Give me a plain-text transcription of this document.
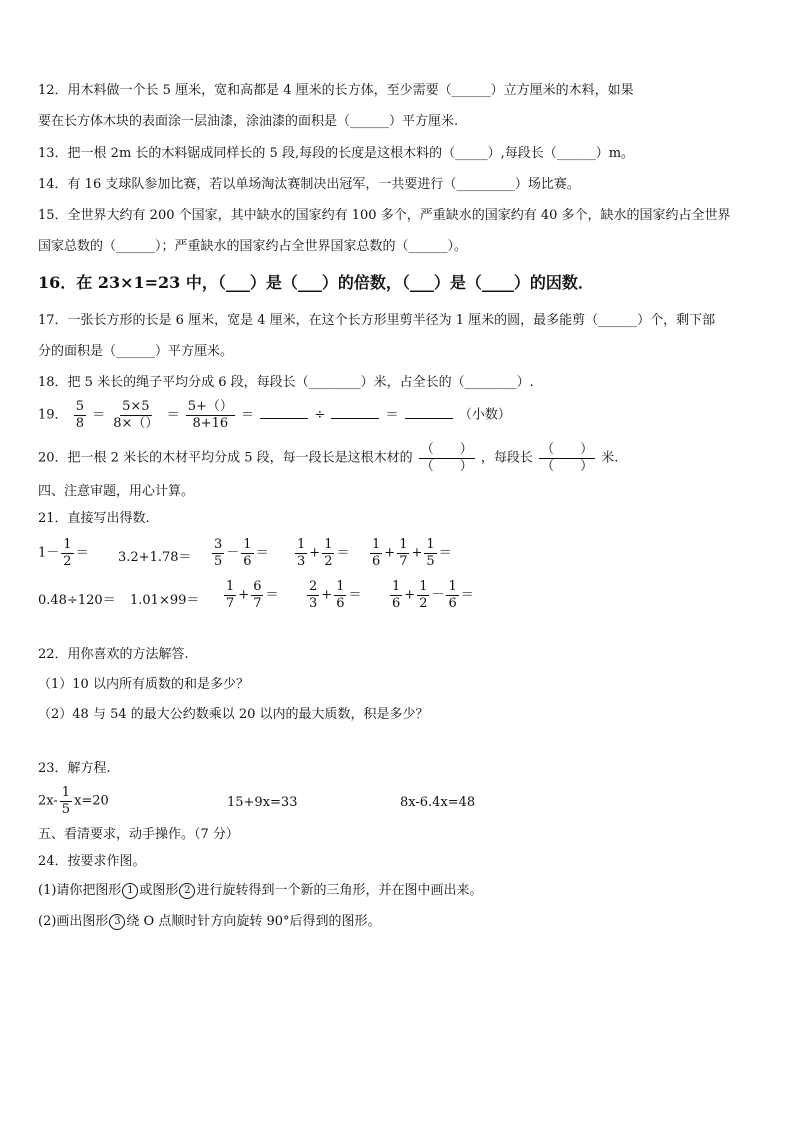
12．用木料做一个长 5 厘米，宽和高都是 4 厘米的长方体，至少需要（______）立方厘米的木料，如果
要在长方体木块的表面涂一层油漆，涂油漆的面积是（______）平方厘米.
13．把一根 2m 长的木料锯成同样长的 5 段,每段的长度是这根木料的（_____）,每段长（______）m。
14．有 16 支球队参加比赛，若以单场淘汰赛制决出冠军，一共要进行（_________）场比赛。
15．全世界大约有 200 个国家，其中缺水的国家约有 100 多个，严重缺水的国家约有 40 多个，缺水的国家约占全世界
国家总数的（______）；严重缺水的国家约占全世界国家总数的（______）。
16．在 23×1=23 中，（___）是（___）的倍数，（___）是（____）的因数．
17．一张长方形的长是 6 厘米，宽是 4 厘米，在这个长方形里剪半径为 1 厘米的圆，最多能剪（______）个，剩下部
分的面积是（______）平方厘米。
18．把 5 米长的绳子平均分成 6 段，每段长（________）米，占全长的（________）.
19． $\frac{5}{8} = \frac{5\times 5}{8\times()} = \frac{5+()}{8+16}$ ＝	÷	＝	（小数）
20．把一根 2 米长的木材平均分成 5 段，每一段长是这根木材的 $\frac{( )}{( )}$ ，每段长 $\frac{( )}{( )}$ 米.
四、注意审题，用心计算。
21．直接写出得数.
$1- \frac{1}{2} = 3.2+1.78= \frac{3}{5} - \frac{1}{6} = \frac{1}{3} + \frac{1}{2} = \frac{1}{6} + \frac{1}{7} + \frac{1}{5}$ ＝
$0.48\div 120= 1.01\times 99= \frac{1}{7} + \frac{6}{7} = \frac{2}{3} + \frac{1}{6} = \frac{1}{6} + \frac{1}{2} - \frac{1}{6}$ ＝
22．用你喜欢的方法解答.
（1）10 以内所有质数的和是多少？
（2）48 与 54 的最大公约数乘以 20 以内的最大质数，积是多少？
23．解方程.
$2x- \frac{1}{5} x=20$	15+9x=33	8x-6.4x=48
五、看清要求，动手操作。（7 分）
24．按要求作图。
(1)请你把图形 1 或图形 2 进行旋转得到一个新的三角形，并在图中画出来。
(2)画出图形 3 绕 O 点顺时针方向旋转 90°后得到的图形。
